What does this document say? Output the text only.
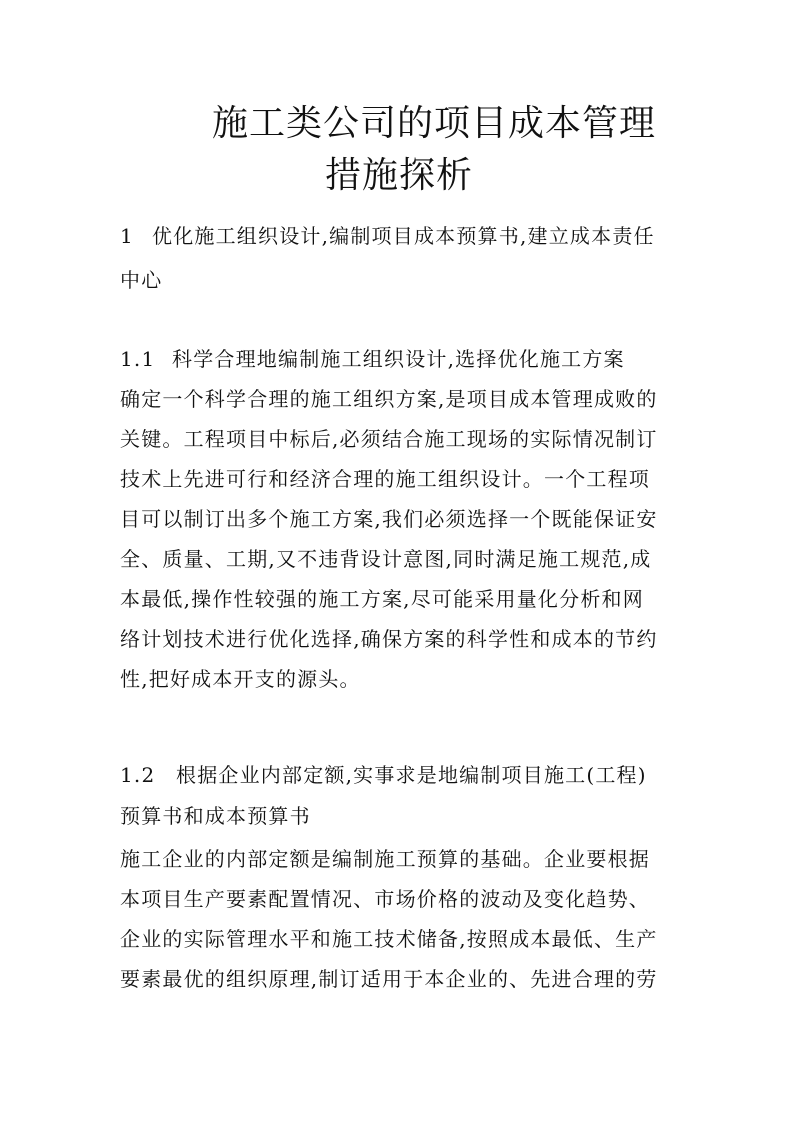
施工类公司的项目成本管理
措施探析
1 优化施工组织设计,编制项目成本预算书,建立成本责任
中心
1.1 科学合理地编制施工组织设计,选择优化施工方案
确定一个科学合理的施工组织方案,是项目成本管理成败的
关键。工程项目中标后,必须结合施工现场的实际情况制订
技术上先进可行和经济合理的施工组织设计。一个工程项
目可以制订出多个施工方案,我们必须选择一个既能保证安
全、质量、工期,又不违背设计意图,同时满足施工规范,成
本最低,操作性较强的施工方案,尽可能采用量化分析和网
络计划技术进行优化选择,确保方案的科学性和成本的节约
性,把好成本开支的源头。
1.2 根据企业内部定额,实事求是地编制项目施工(工程)
预算书和成本预算书
施工企业的内部定额是编制施工预算的基础。企业要根据
本项目生产要素配置情况、市场价格的波动及变化趋势、
企业的实际管理水平和施工技术储备,按照成本最低、生产
要素最优的组织原理,制订适用于本企业的、先进合理的劳
